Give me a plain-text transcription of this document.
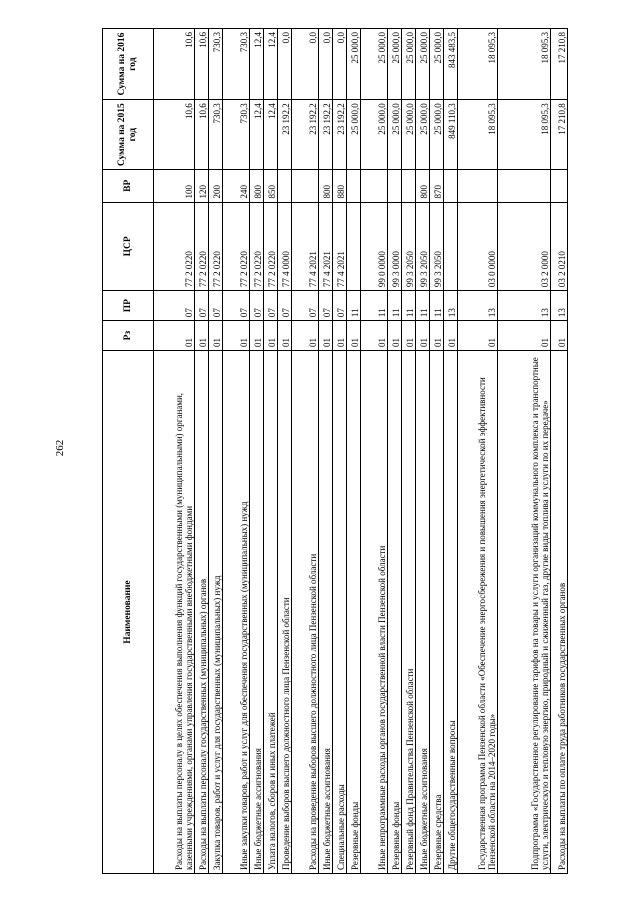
262
Наименование	Рз	ПР	ЦСР	ВР	Сумма на 2015 год	Сумма на 2016 год
Расходы на выплаты персоналу в целях обеспечения выполнения функций государственными (муниципальными) органами, казенными учреждениями, органами управления государственными внебюджетными фондами	01	07	77 2 0220	100	10,6	10,6
Расходы на выплаты персоналу государственных (муниципальных) органов	01	07	77 2 0220	120	10,6	10,6
Закупка товаров, работ и услуг для государственных (муниципальных) нужд	01	07	77 2 0220	200	730,3	730,3
Иные закупки товаров, работ и услуг для обеспечения государственных (муниципальных) нужд	01	07	77 2 0220	240	730,3	730,3
Иные бюджетные ассигнования	01	07	77 2 0220	800	12,4	12,4
Уплата налогов, сборов и иных платежей	01	07	77 2 0220	850	12,4	12,4
Проведение выборов высшего должностного лица Пензенской области	01	07	77 4 0000		23 192,2	0,0
Расходы на проведение выборов высшего должностного лица Пензенской области	01	07	77 4 2021		23 192,2	0,0
Иные бюджетные ассигнования	01	07	77 4 2021	800	23 192,2	0,0
Специальные расходы	01	07	77 4 2021	880	23 192,2	0,0
Резервные фонды	01	11			25 000,0	25 000,0
Иные непрограммные расходы органов государственной власти Пензенской области	01	11	99 0 0000		25 000,0	25 000,0
Резервные фонды	01	11	99 3 0000		25 000,0	25 000,0
Резервный фонд Правительства Пензенской области	01	11	99 3 2050		25 000,0	25 000,0
Иные бюджетные ассигнования	01	11	99 3 2050	800	25 000,0	25 000,0
Резервные средства	01	11	99 3 2050	870	25 000,0	25 000,0
Другие общегосударственные вопросы	01	13			849 110,3	843 483,5
Государственная программа Пензенской области «Обеспечение энергосбережения и повышения энергетической эффективности Пензенской области на 2014–2020 годы»	01	13	03 0 0000		18 095,3	18 095,3
Подпрограмма «Государственное регулирование тарифов на товары и услуги организаций коммунального комплекса и транспортные услуги, электрическую и тепловую энергию, природный и сжиженный газ, другие виды топлива и услуги по их передаче»	01	13	03 2 0000		18 095,3	18 095,3
Расходы на выплаты по оплате труда работников государственных органов	01	13	03 2 0210		17 210,8	17 210,8
